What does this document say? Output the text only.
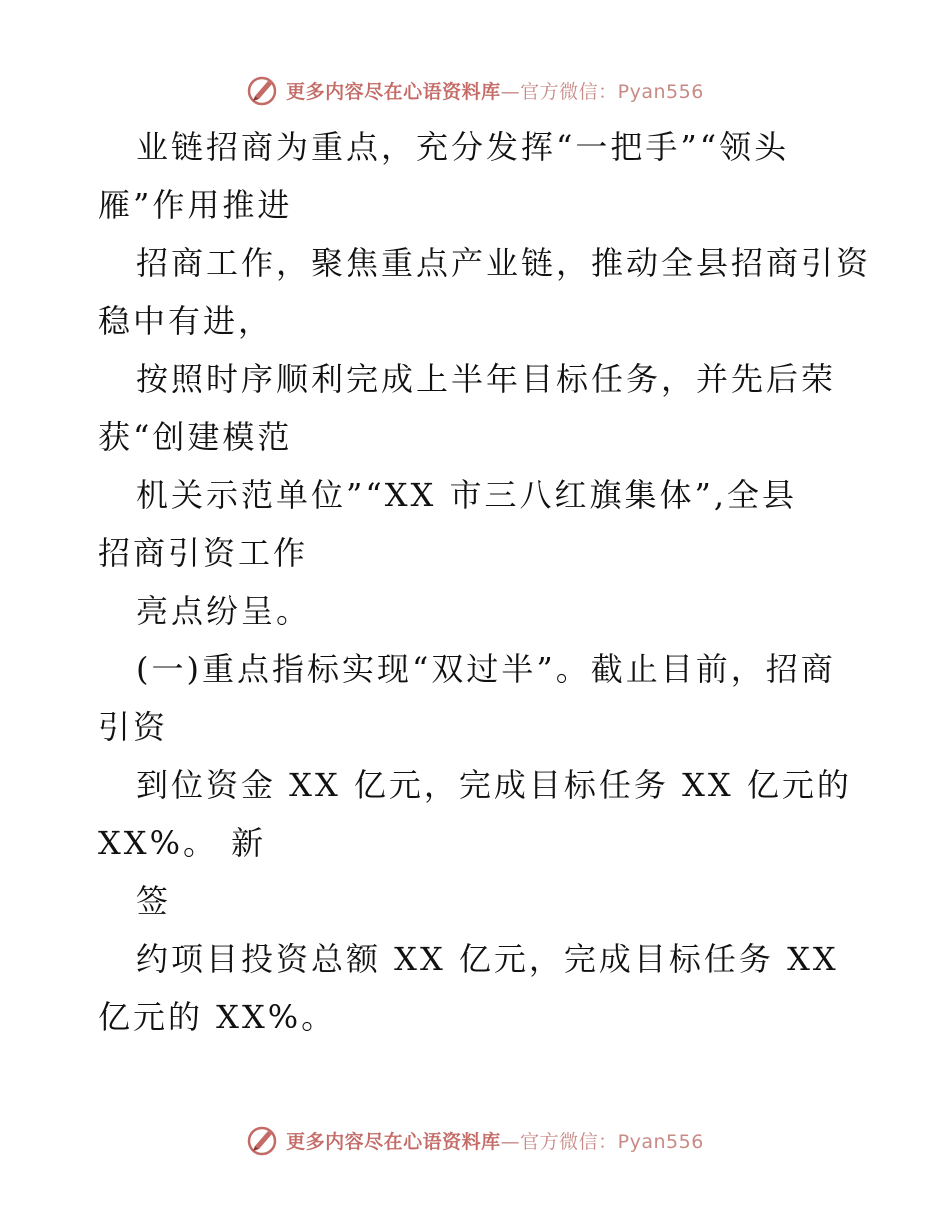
更多内容尽在心语资料库—官方微信：Pyan556
业链招商为重点，充分发挥“一把手”“领头
雁”作用推进
招商工作，聚焦重点产业链，推动全县招商引资
稳中有进，
按照时序顺利完成上半年目标任务，并先后荣
获“创建模范
机关示范单位”“XX 市三八红旗集体”,全县
招商引资工作
亮点纷呈。
(一)重点指标实现“双过半”。截止目前，招商
引资
到位资金 XX 亿元，完成目标任务 XX 亿元的
XX%。 新
签
约项目投资总额 XX 亿元，完成目标任务 XX
亿元的 XX%。
更多内容尽在心语资料库—官方微信：Pyan556
